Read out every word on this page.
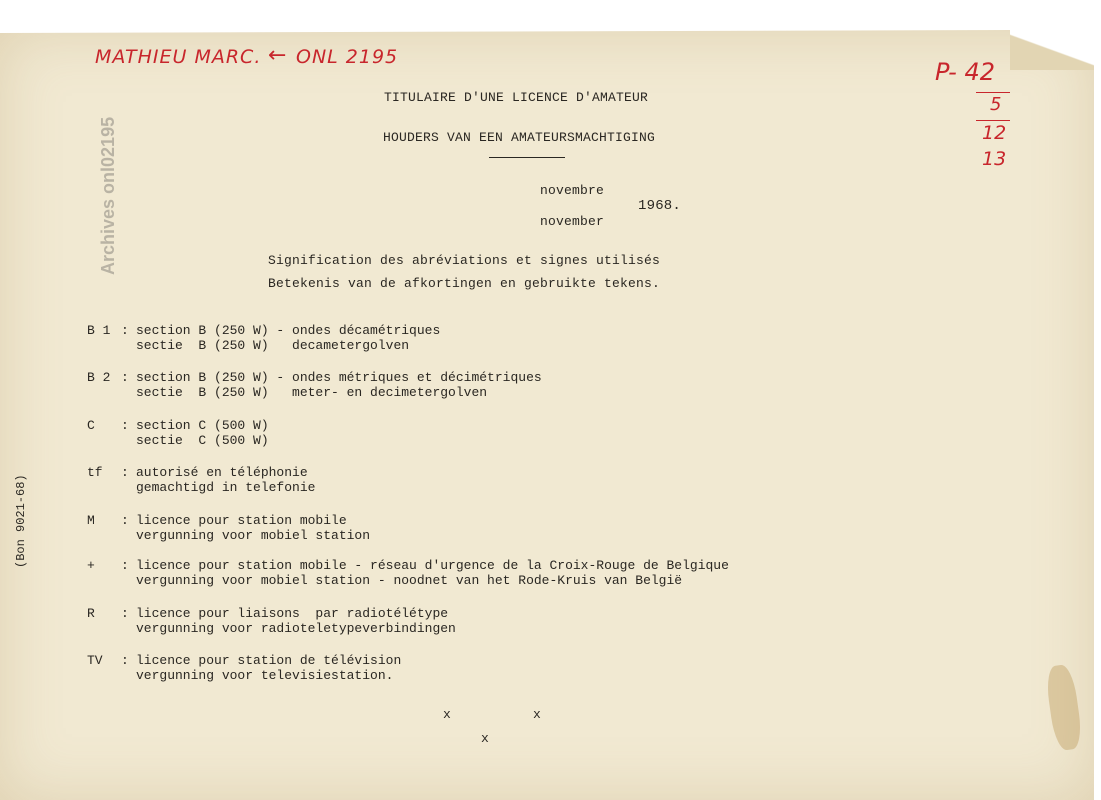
MATHIEU MARC. ← ONL 2195
P- 42
5
12
13
Archives onl02195
(Bon 9021-68)
TITULAIRE D'UNE LICENCE D'AMATEUR
HOUDERS VAN EEN AMATEURSMACHTIGING
novembre
1968.
november
Signification des abréviations et signes utilisés
Betekenis van de afkortingen en gebruikte tekens.
B 1 : section B (250 W) - ondes décamétriques
sectie  B (250 W)   decametergolven
B 2 : section B (250 W) - ondes métriques et décimétriques
sectie  B (250 W)   meter- en decimetergolven
C	: section C (500 W)
sectie  C (500 W)
tf	: autorisé en téléphonie
gemachtigd in telefonie
M	: licence pour station mobile
vergunning voor mobiel station
+	: licence pour station mobile - réseau d'urgence de la Croix-Rouge de Belgique
vergunning voor mobiel station - noodnet van het Rode-Kruis van België
R	: licence pour liaisons  par radiotélétype
vergunning voor radioteletypeverbindingen
TV	: licence pour station de télévision
vergunning voor televisiestation.
x	x
x
